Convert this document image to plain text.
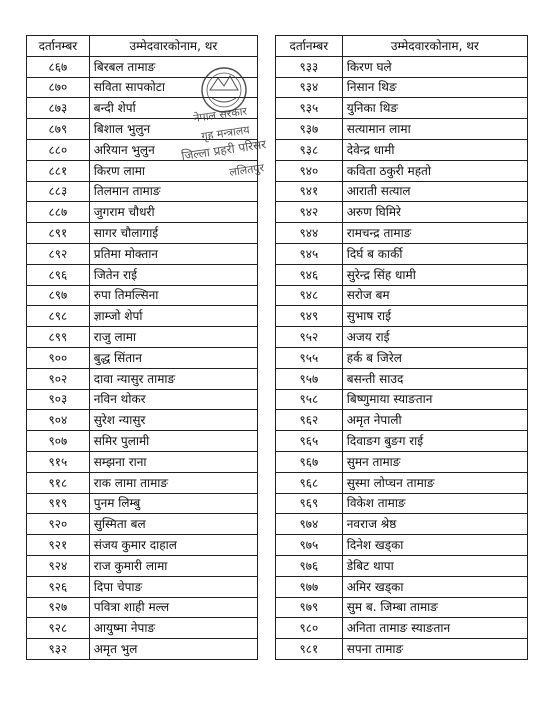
दर्तानम्बर	उम्मेदवारकोनाम, थर
८६७	बिरबल तामाङ
८७०	सविता सापकोटा
८७३	बन्दी शेर्पा
८७९	बिशाल भुलुन
८८०	अरियान भुलुन
८८१	किरण लामा
८८३	तिलमान तामाङ
८८७	जुगराम चौधरी
८९१	सागर चौलागाई
८९२	प्रतिमा मोक्तान
८९६	जितेन राई
८९७	रुपा तिमल्सिना
८९८	ज्ञाम्जो शेर्पा
८९९	राजु लामा
९००	बुद्ध सिंतान
९०२	दावा न्यासुर तामाङ
९०३	नविन थोकर
९०४	सुरेश न्यासुर
९०७	समिर पुलामी
९१५	सम्झना राना
९१८	राक लामा तामाङ
९१९	पुनम लिम्बु
९२०	सुस्मिता बल
९२१	संजय कुमार दाहाल
९२४	राज कुमारी लामा
९२६	दिपा चेपाङ
९२७	पवित्रा शाही मल्ल
९२८	आयुष्मा नेपाङ
९३२	अमृत भुल
दर्तानम्बर	उम्मेदवारकोनाम, थर
९३३	किरण घले
९३४	निसान थिङ
९३५	युनिका थिङ
९३७	सत्यामान लामा
९३८	देवेन्द्र धामी
९४०	कविता ठकुरी महतो
९४१	आराती सत्याल
९४२	अरुण घिमिरे
९४४	रामचन्द्र तामाङ
९४५	दिर्घ ब कार्की
९४६	सुरेन्द्र सिंह धामी
९४८	सरोज बम
९४९	सुभाष राई
९५२	अजय राई
९५५	हर्क ब जिरेल
९५७	बसन्ती साउद
९५८	बिष्णुमाया स्याङतान
९६२	अमृत नेपाली
९६५	दिवाङग बुङग राई
९६७	सुमन तामाङ
९६८	सुस्मा लोप्चन तामाङ
९६९	विकेश तामाङ
९७४	नवराज श्रेष्ठ
९७५	दिनेश खड्का
९७६	डेबिट थापा
९७७	अमिर खड्का
९७९	सुम ब. जिम्बा तामाङ
९८०	अनिता तामाङ स्याङतान
९८१	सपना तामाङ
नेपाल सरकार
गृह मन्त्रालय
जिल्ला प्रहरी परिसर
ललितपुर
